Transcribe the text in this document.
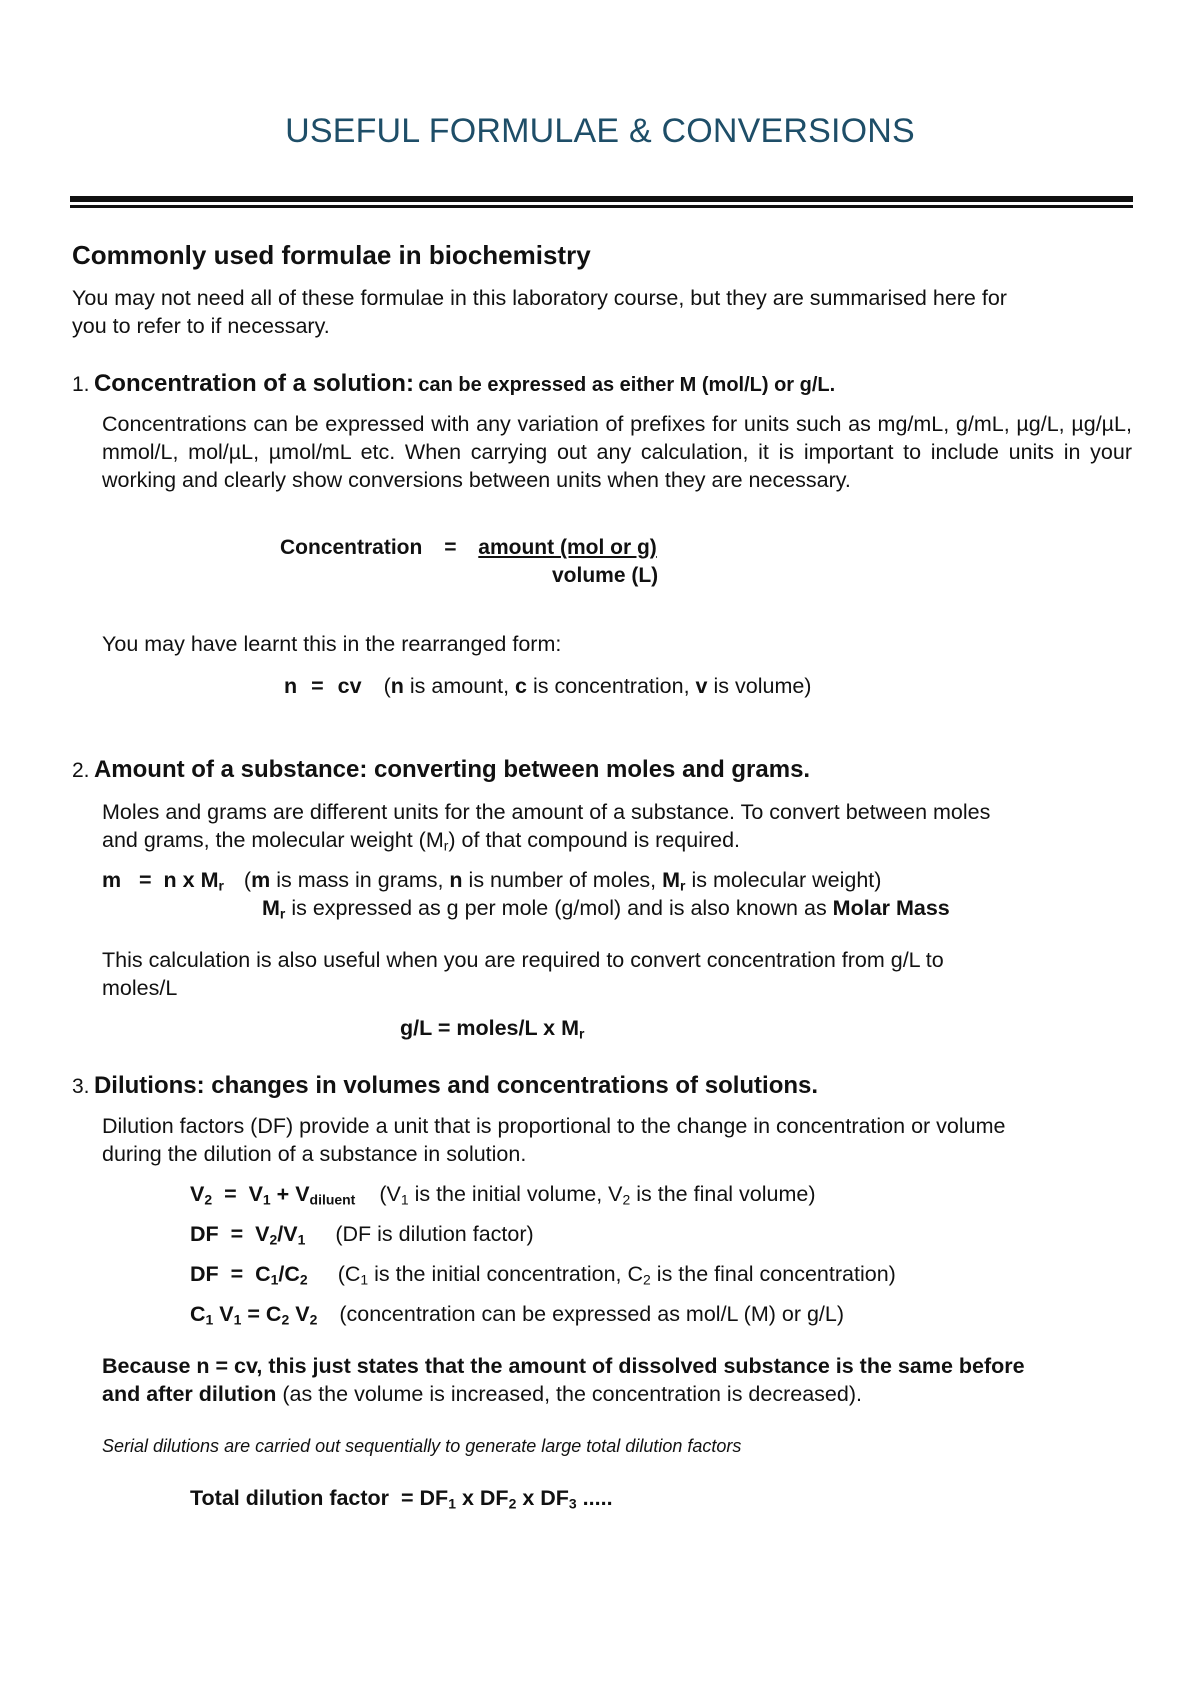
USEFUL FORMULAE & CONVERSIONS
Commonly used formulae in biochemistry
You may not need all of these formulae in this laboratory course, but they are summarised here for
you to refer to if necessary.
1. Concentration of a solution: can be expressed as either M (mol/L) or g/L.
Concentrations can be expressed with any variation of prefixes for units such as mg/mL, g/mL, µg/L, µg/µL, mmol/L, mol/µL, µmol/mL etc. When carrying out any calculation, it is important to include units in your working and clearly show conversions between units when they are necessary.
Concentration = amount (mol or g)
volume (L)
You may have learnt this in the rearranged form:
n = cv (n is amount, c is concentration, v is volume)
2. Amount of a substance: converting between moles and grams.
Moles and grams are different units for the amount of a substance. To convert between moles
and grams, the molecular weight $(M_r)$ of that compound is required.
m   =  n x $M_r$ (m is mass in grams, n is number of moles, $M_r$ is molecular weight)
$M_r$ is expressed as g per mole (g/mol) and is also known as Molar Mass
This calculation is also useful when you are required to convert concentration from g/L to
moles/L
g/L = moles/L x $M_r$
3. Dilutions: changes in volumes and concentrations of solutions.
Dilution factors (DF) provide a unit that is proportional to the change in concentration or volume
during the dilution of a substance in solution.
$V_2 = V_1 + V_{diluent}$ ($V_1$ is the initial volume, $V_2$ is the final volume)
DF  =  $V_2/V_1$ (DF is dilution factor)
DF  =  $C_1/C_2$ ($C_1$ is the initial concentration, $C_2$ is the final concentration)
$C_1$ $V_1 = C_2$ $V_2$ (concentration can be expressed as mol/L (M) or g/L)
Because n = cv, this just states that the amount of dissolved substance is the same before
and after dilution (as the volume is increased, the concentration is decreased).
Serial dilutions are carried out sequentially to generate large total dilution factors
Total dilution factor  = $DF_1$ x $DF_2$ x $DF_3$ .....
